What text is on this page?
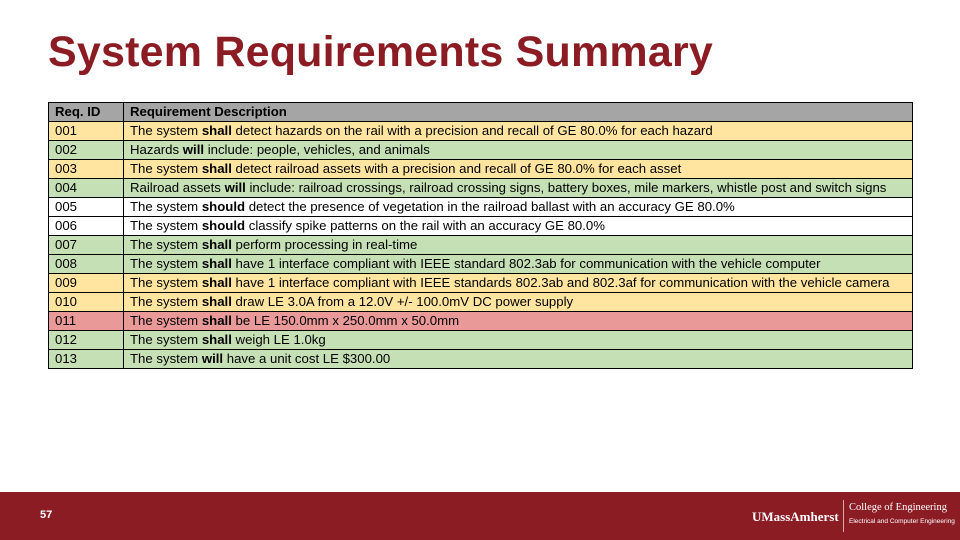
System Requirements Summary
Req. ID	Requirement Description
001	The system shall detect hazards on the rail with a precision and recall of GE 80.0% for each hazard
002	Hazards will include: people, vehicles, and animals
003	The system shall detect railroad assets with a precision and recall of GE 80.0% for each asset
004	Railroad assets will include: railroad crossings, railroad crossing signs, battery boxes, mile markers, whistle post and switch signs
005	The system should detect the presence of vegetation in the railroad ballast with an accuracy GE 80.0%
006	The system should classify spike patterns on the rail with an accuracy GE 80.0%
007	The system shall perform processing in real-time
008	The system shall have 1 interface compliant with IEEE standard 802.3ab for communication with the vehicle computer
009	The system shall have 1 interface compliant with IEEE standards 802.3ab and 802.3af for communication with the vehicle camera
010	The system shall draw LE 3.0A from a 12.0V +/- 100.0mV DC power supply
011	The system shall be LE 150.0mm x 250.0mm x 50.0mm
012	The system shall weigh LE 1.0kg
013	The system will have a unit cost LE $300.00
57	UMassAmherst
College of Engineering
Electrical and Computer Engineering
